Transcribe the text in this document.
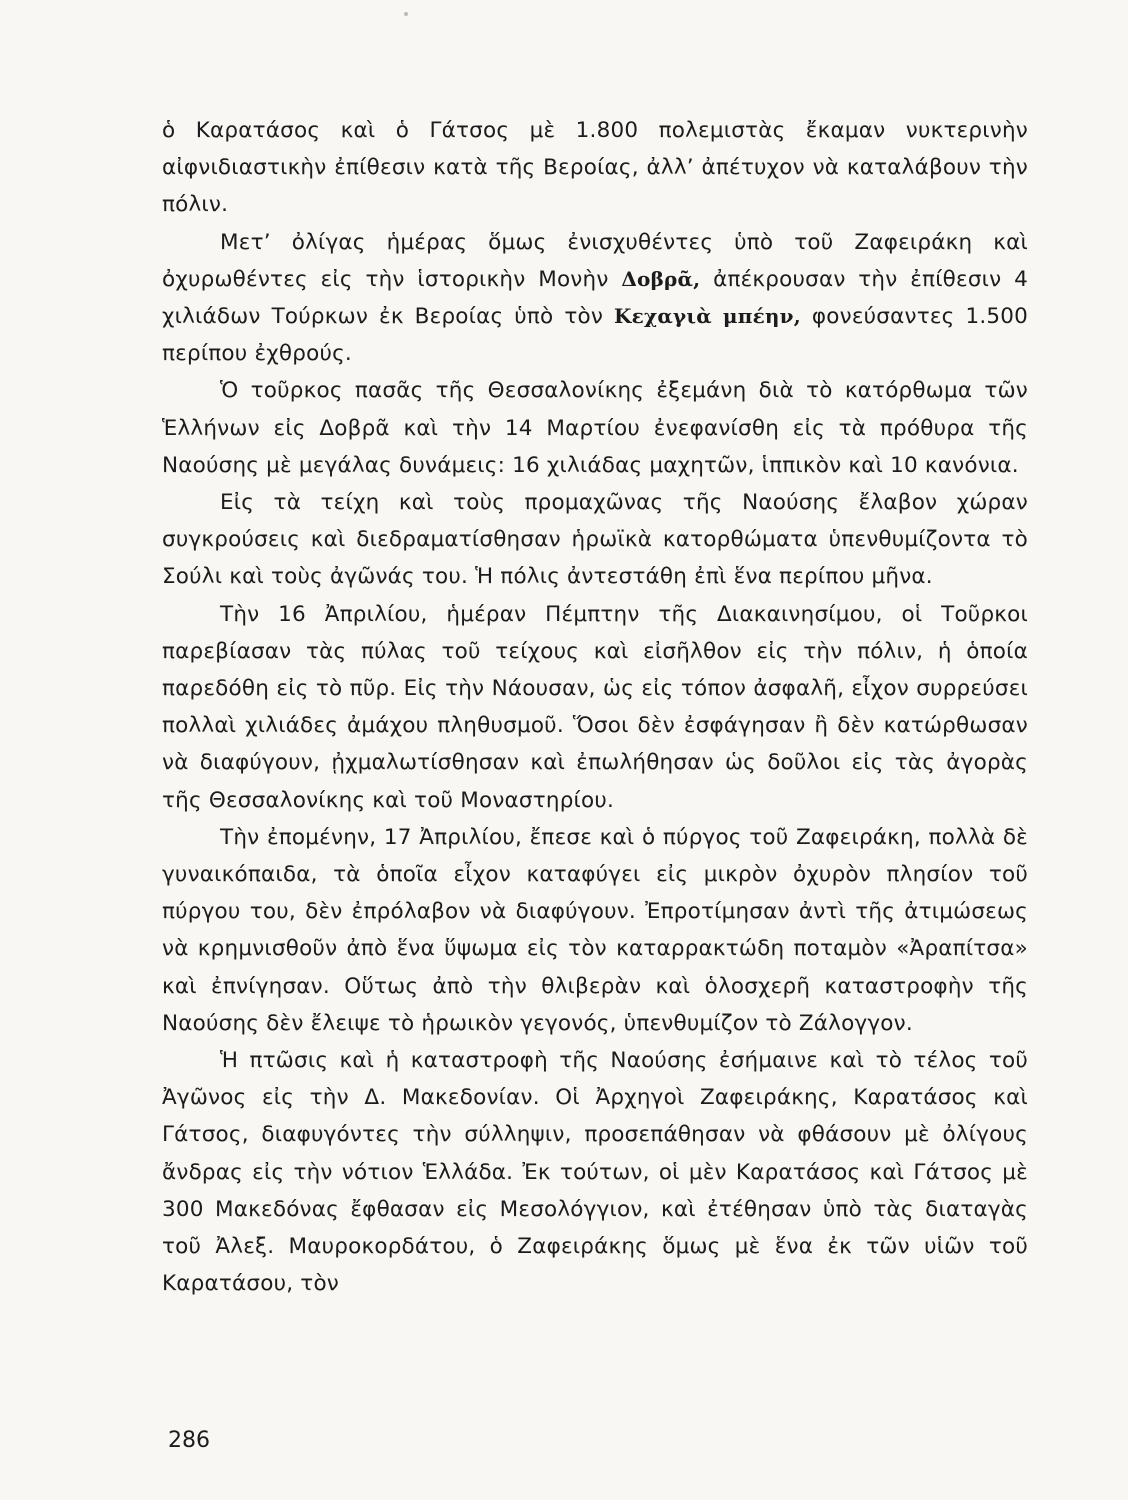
ὁ Καρατάσος καὶ ὁ Γάτσος μὲ 1.800 πολεμιστὰς ἔκαμαν νυκτερινὴν αἰφνιδιαστικὴν ἐπίθεσιν κατὰ τῆς Βεροίας, ἀλλ’ ἀπέτυχον νὰ καταλάβουν τὴν πόλιν.

Μετ’ ὀλίγας ἡμέρας ὅμως ἐνισχυθέντες ὑπὸ τοῦ Ζαφειράκη καὶ ὀχυρωθέντες εἰς τὴν ἱστορικὴν Μονὴν Δοβρᾶ, ἀπέκρουσαν τὴν ἐπίθεσιν 4 χιλιάδων Τούρκων ἐκ Βεροίας ὑπὸ τὸν Κεχαγιὰ μπέην, φονεύσαντες 1.500 περίπου ἐχθρούς.

Ὁ τοῦρκος πασᾶς τῆς Θεσσαλονίκης ἐξεμάνη διὰ τὸ κατόρθωμα τῶν Ἑλλήνων εἰς Δοβρᾶ καὶ τὴν 14 Μαρτίου ἐνεφανίσθη εἰς τὰ πρόθυρα τῆς Ναούσης μὲ μεγάλας δυνάμεις: 16 χιλιάδας μαχητῶν, ἱππικὸν καὶ 10 κανόνια.

Εἰς τὰ τείχη καὶ τοὺς προμαχῶνας τῆς Ναούσης ἔλαβον χώραν συγκρούσεις καὶ διεδραματίσθησαν ἡρωϊκὰ κατορθώματα ὑπενθυμίζοντα τὸ Σούλι καὶ τοὺς ἀγῶνάς του. Ἡ πόλις ἀντεστάθη ἐπὶ ἕνα περίπου μῆνα.

Τὴν 16 Ἀπριλίου, ἡμέραν Πέμπτην τῆς Διακαινησίμου, οἱ Τοῦρκοι παρεβίασαν τὰς πύλας τοῦ τείχους καὶ εἰσῆλθον εἰς τὴν πόλιν, ἡ ὁποία παρεδόθη εἰς τὸ πῦρ. Εἰς τὴν Νάουσαν, ὡς εἰς τόπον ἀσφαλῆ, εἶχον συρρεύσει πολλαὶ χιλιάδες ἀμάχου πληθυσμοῦ. Ὅσοι δὲν ἐσφάγησαν ἢ δὲν κατώρθωσαν νὰ διαφύγουν, ᾐχμαλωτίσθησαν καὶ ἐπωλήθησαν ὡς δοῦλοι εἰς τὰς ἀγορὰς τῆς Θεσσαλονίκης καὶ τοῦ Μοναστηρίου.

Τὴν ἐπομένην, 17 Ἀπριλίου, ἔπεσε καὶ ὁ πύργος τοῦ Ζαφειράκη, πολλὰ δὲ γυναικόπαιδα, τὰ ὁποῖα εἶχον καταφύγει εἰς μικρὸν ὀχυρὸν πλησίον τοῦ πύργου του, δὲν ἐπρόλαβον νὰ διαφύγουν. Ἐπροτίμησαν ἀντὶ τῆς ἀτιμώσεως νὰ κρημνισθοῦν ἀπὸ ἕνα ὕψωμα εἰς τὸν καταρρακτώδη ποταμὸν «Ἀραπίτσα» καὶ ἐπνίγησαν. Οὕτως ἀπὸ τὴν θλιβερὰν καὶ ὁλοσχερῆ καταστροφὴν τῆς Ναούσης δὲν ἔλειψε τὸ ἡρωικὸν γεγονός, ὑπενθυμίζον τὸ Ζάλογγον.

Ἡ πτῶσις καὶ ἡ καταστροφὴ τῆς Ναούσης ἐσήμαινε καὶ τὸ τέλος τοῦ Ἀγῶνος εἰς τὴν Δ. Μακεδονίαν. Οἱ Ἀρχηγοὶ Ζαφειράκης, Καρατάσος καὶ Γάτσος, διαφυγόντες τὴν σύλληψιν, προσεπάθησαν νὰ φθάσουν μὲ ὀλίγους ἄνδρας εἰς τὴν νότιον Ἑλλάδα. Ἐκ τούτων, οἱ μὲν Καρατάσος καὶ Γάτσος μὲ 300 Μακεδόνας ἔφθασαν εἰς Μεσολόγγιον, καὶ ἐτέθησαν ὑπὸ τὰς διαταγὰς τοῦ Ἀλεξ. Μαυροκορδάτου, ὁ Ζαφειράκης ὅμως μὲ ἕνα ἐκ τῶν υἱῶν τοῦ Καρατάσου, τὸν

286
